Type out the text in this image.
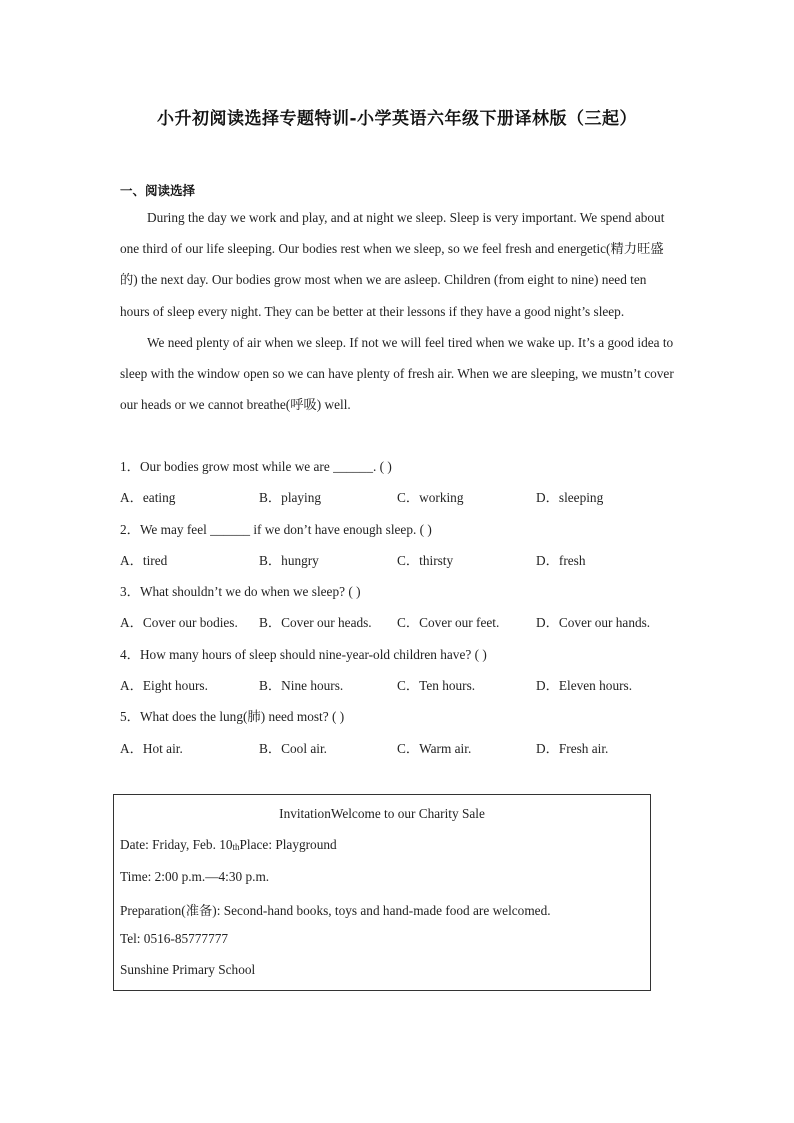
小升初阅读选择专题特训-小学英语六年级下册译林版（三起）
一、阅读选择

During the day we work and play, and at night we sleep. Sleep is very important. We spend about one third of our life sleeping. Our bodies rest when we sleep, so we feel fresh and energetic(精力旺盛的) the next day. Our bodies grow most when we are asleep. Children (from eight to nine) need ten hours of sleep every night. They can be better at their lessons if they have a good night’s sleep.

We need plenty of air when we sleep. If not we will feel tired when we wake up. It’s a good idea to sleep with the window open so we can have plenty of fresh air. When we are sleeping, we mustn’t cover our heads or we cannot breathe(呼吸) well.

1．Our bodies grow most while we are ______. ( )
A．eating	B．playing	C．working	D．sleeping
2．We may feel ______ if we don’t have enough sleep. ( )
A．tired	B．hungry	C．thirsty	D．fresh
3．What shouldn’t we do when we sleep? ( )
A．Cover our bodies. B．Cover our heads. C．Cover our feet.	D．Cover our hands.
4．How many hours of sleep should nine-year-old children have? ( )
A．Eight hours.	B．Nine hours.	C．Ten hours.	D．Eleven hours.
5．What does the lung(肺) need most? ( )
A．Hot air.	B．Cool air.	C．Warm air.	D．Fresh air.
InvitationWelcome to our Charity Sale
Date: Friday, Feb. 10thPlace: Playground
Time: 2:00 p.m.—4:30 p.m.
Preparation(准备): Second-hand books, toys and hand-made food are welcomed.
Tel: 0516-85777777
Sunshine Primary School
